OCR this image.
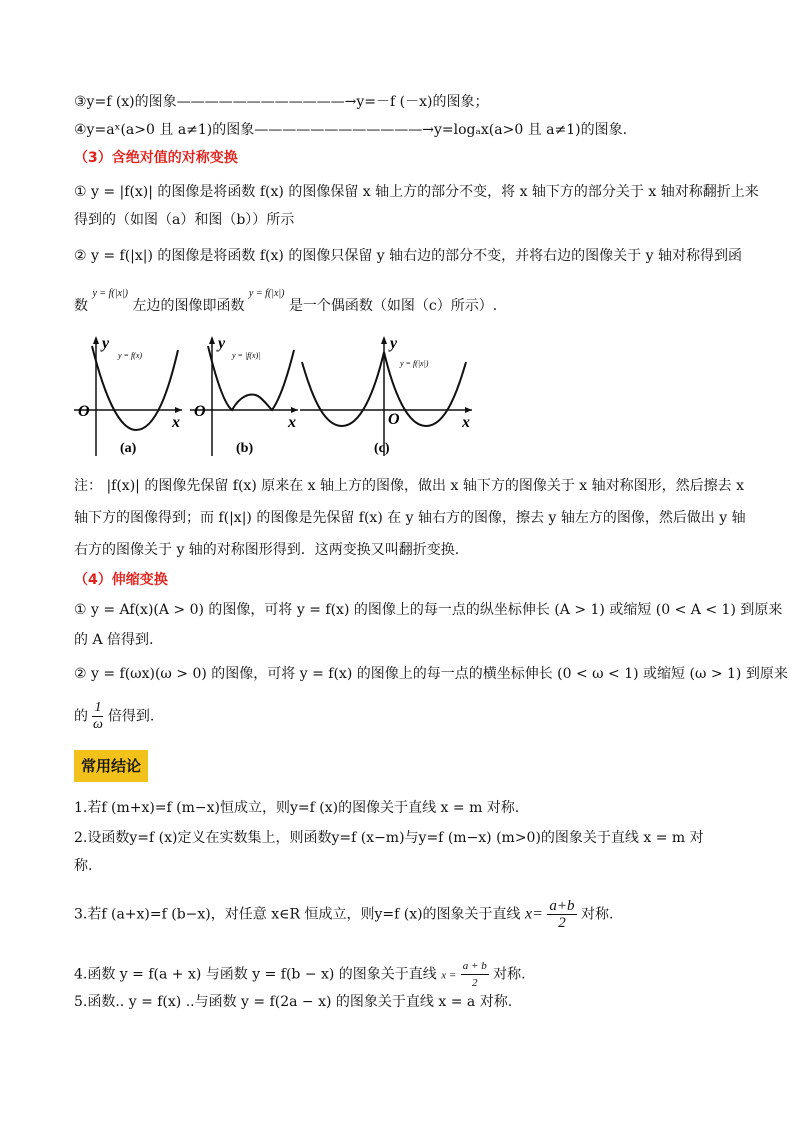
③y=f (x)的图象————————————→y=－f (－x)的图象；
④y=aˣ(a>0 且 a≠1)的图象————————————→y=logₐx(a>0 且 a≠1)的图象.
（3）含绝对值的对称变换
① y = |f(x)| 的图像是将函数 f(x) 的图像保留 x 轴上方的部分不变，将 x 轴下方的部分关于 x 轴对称翻折上来
得到的（如图（a）和图（b））所示
② y = f(|x|) 的图像是将函数 f(x) 的图像只保留 y 轴右边的部分不变，并将右边的图像关于 y 轴对称得到函
数 $^{y = f(|x|)}$ 左边的图像即函数 $^{y = f(|x|)}$ 是一个偶函数（如图（c）所示）.
y
y = f(x)
O
x
(a)
y
y = |f(x)|
O
x
(b)
y
y = f(|x|)
O	x
(c)
注： |f(x)| 的图像先保留 f(x) 原来在 x 轴上方的图像，做出 x 轴下方的图像关于 x 轴对称图形，然后擦去 x
轴下方的图像得到；而 f(|x|) 的图像是先保留 f(x) 在 y 轴右方的图像，擦去 y 轴左方的图像，然后做出 y 轴
右方的图像关于 y 轴的对称图形得到．这两变换又叫翻折变换.
（4）伸缩变换
① y = Af(x)(A > 0) 的图像，可将 y = f(x) 的图像上的每一点的纵坐标伸长 (A > 1) 或缩短 (0 < A < 1) 到原来
的 A 倍得到.
② y = f(ωx)(ω > 0) 的图像，可将 y = f(x) 的图像上的每一点的横坐标伸长 (0 < ω < 1) 或缩短 (ω > 1) 到原来
的 $\frac{1}{\omega}$ 倍得到.
常用结论
1.若f (m+x)=f (m−x)恒成立，则y=f (x)的图像关于直线 x = m 对称.
2.设函数y=f (x)定义在实数集上，则函数y=f (x−m)与y=f (m−x) (m>0)的图象关于直线 x = m 对
称.
3.若f (a+x)=f (b−x)，对任意 x∈R 恒成立，则y=f (x)的图象关于直线 $x= \frac{a+b}{2}$ 对称.
4.函数 y = f(a + x) 与函数 y = f(b − x) 的图象关于直线 $x = \frac{a + b}{2}$ 对称.
5.函数.. y = f(x) ..与函数 y = f(2a − x) 的图象关于直线 x = a 对称.
